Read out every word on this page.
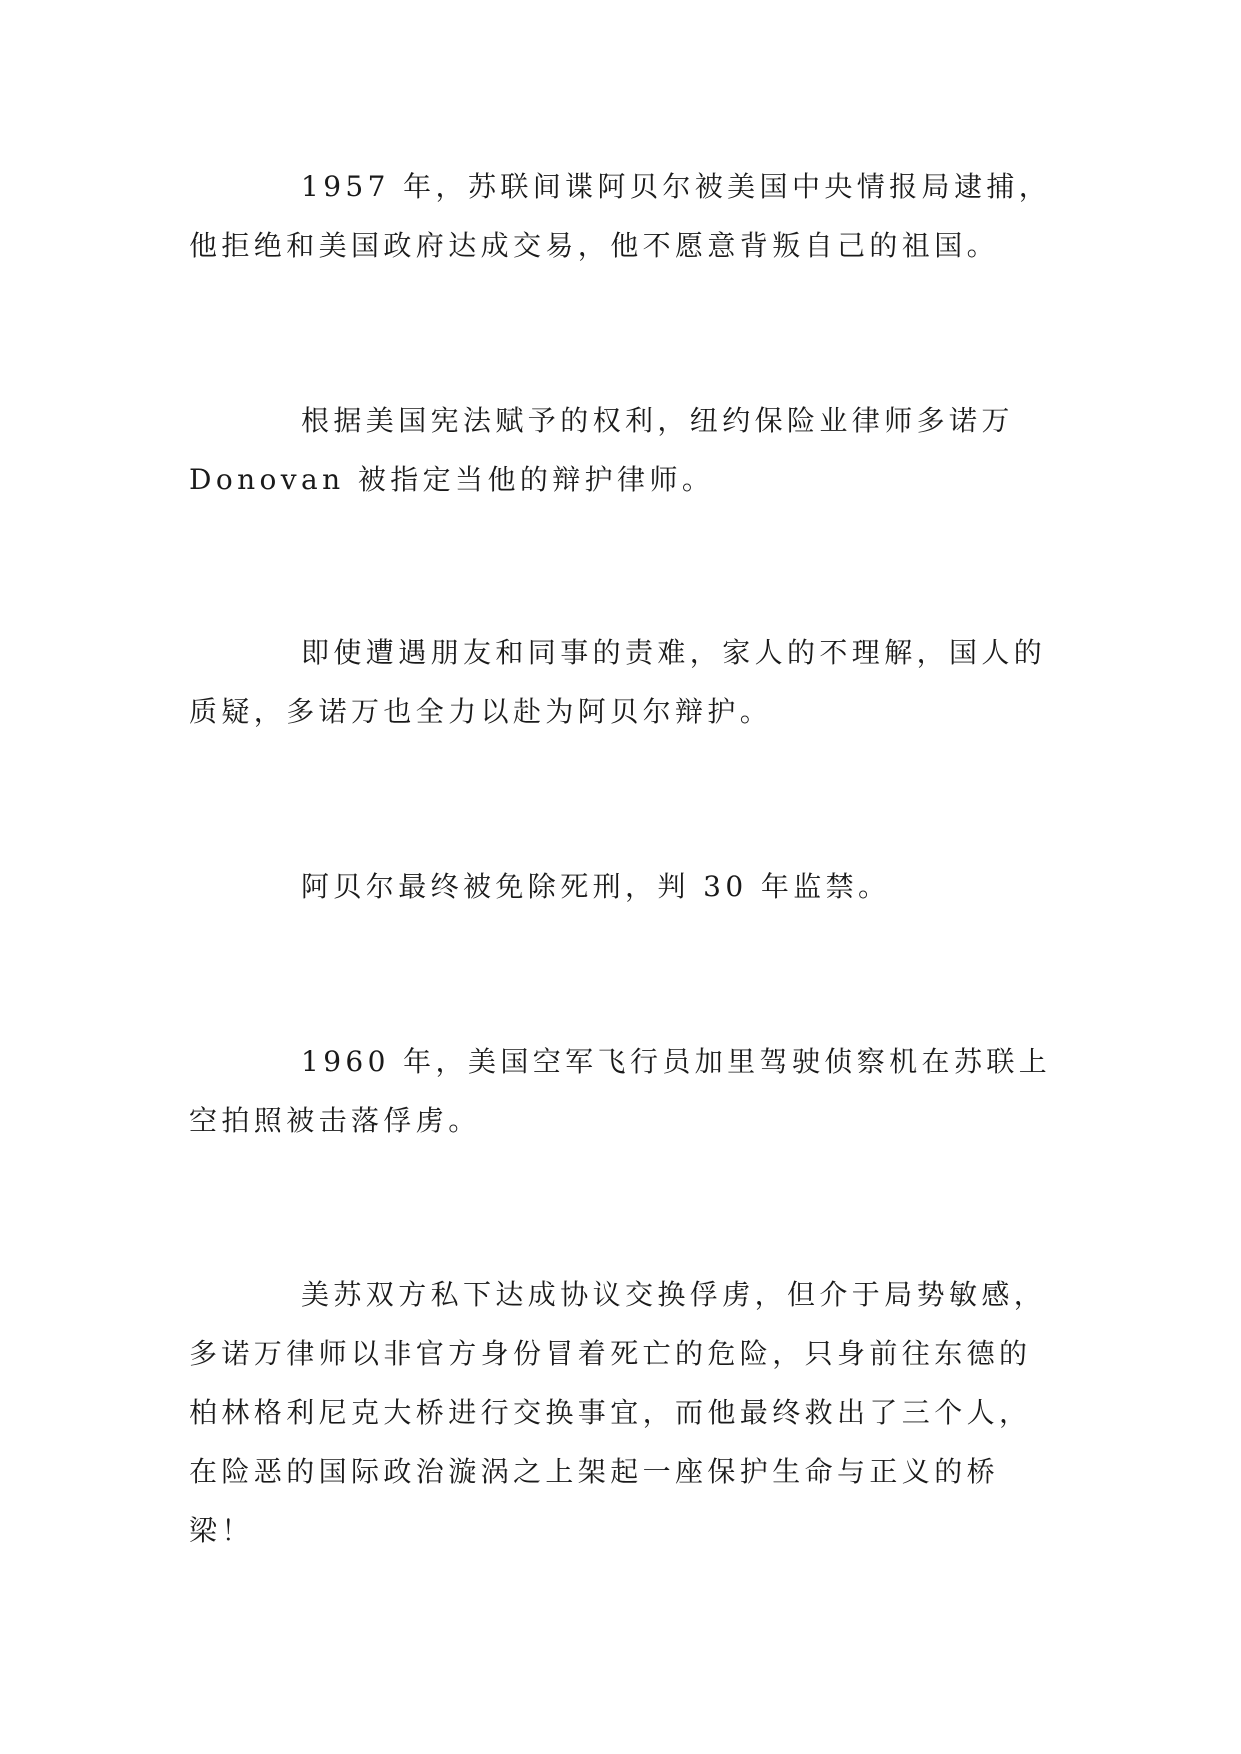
1957 年，苏联间谍阿贝尔被美国中央情报局逮捕，
他拒绝和美国政府达成交易，他不愿意背叛自己的祖国。

根据美国宪法赋予的权利，纽约保险业律师多诺万
Donovan 被指定当他的辩护律师。

即使遭遇朋友和同事的责难，家人的不理解，国人的
质疑，多诺万也全力以赴为阿贝尔辩护。

阿贝尔最终被免除死刑，判 30 年监禁。

1960 年，美国空军飞行员加里驾驶侦察机在苏联上
空拍照被击落俘虏。

美苏双方私下达成协议交换俘虏，但介于局势敏感，
多诺万律师以非官方身份冒着死亡的危险，只身前往东德的
柏林格利尼克大桥进行交换事宜，而他最终救出了三个人，
在险恶的国际政治漩涡之上架起一座保护生命与正义的桥
梁！
